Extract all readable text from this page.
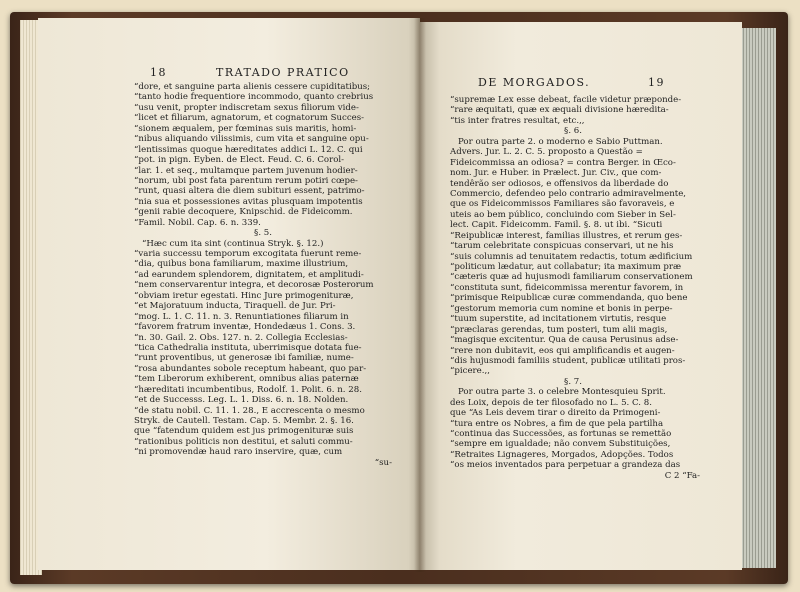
18	TRATADO PRATICO
“dore, et sanguine parta alienis cessere cupiditatibus;
“tanto hodie frequentiore incommodo, quanto crebrius
“usu venit, propter indiscretam sexus filiorum vide-
“licet et filiarum, agnatorum, et cognatorum Succes-
“sionem æqualem, per fœminas suis maritis, homi-
“nibus aliquando vilissimis, cum vita et sanguine opu-
“lentissimas quoque hæreditates addici L. 12. C. qui
“pot. in pign. Eyben. de Elect. Feud. C. 6. Corol-
“lar. 1. et seq., multamque partem juvenum hodier-
“norum, ubi post fata parentum rerum potiri cœpe-
“runt, quasi altera die diem subituri essent, patrimo-
“nia sua et possessiones avitas plusquam impotentis
“genii rabie decoquere, Knipschid. de Fideicomm.
“Famil. Nobil. Cap. 6. n. 339.
§. 5.
“Hæc cum ita sint (continua Stryk. §. 12.)
“varia successu temporum excogitata fuerunt reme-
“dia, quibus bona familiarum, maxime illustrium,
“ad earundem splendorem, dignitatem, et amplitudi-
“nem conservarentur integra, et decorosæ Posterorum
“obviam iretur egestati. Hinc Jure primogenituræ,
“et Majoratuum inducta, Tiraquell. de Jur. Pri-
“mog. L. 1. C. 11. n. 3. Renuntiationes filiarum in
“favorem fratrum inventæ, Hondedæus 1. Cons. 3.
“n. 30. Gail. 2. Obs. 127. n. 2. Collegia Ecclesias-
“tica Cathedralia instituta, uberrimisque dotata fue-
“runt proventibus, ut generosæ ibi familiæ, nume-
“rosa abundantes sobole receptum habeant, quo par-
“tem Liberorum exhiberent, omnibus alias paternæ
“hæreditati incumbentibus, Rodolf. 1. Polit. 6. n. 28.
“et de Successs. Leg. L. 1. Diss. 6. n. 18. Nolden.
“de statu nobil. C. 11. 1. 28., E accrescenta o mesmo
Stryk. de Cautell. Testam. Cap. 5. Membr. 2. §. 16.
que “fatendum quidem est jus primogenituræ suis
“rationibus politicis non destitui, et saluti commu-
“ni promovendæ haud raro inservire, quæ, cum
“su-
DE MORGADOS.	19
“supremæ Lex esse debeat, facile videtur præponde-
“rare æquitati, quæ ex æquali divisione hæredita-
“tis inter fratres resultat, etc.,,
§. 6.
Por outra parte 2. o moderno e Sabio Puttman.
Advers. Jur. L. 2. C. 5. proposto a Questão =
Fideicommissa an odiosa? = contra Berger. in Œco-
nom. Jur. e Huber. in Prælect. Jur. Civ., que com-
tendêrão ser odiosos, e offensivos da liberdade do
Commercio, defendeo pelo contrario admiravelmente,
que os Fideicommissos Familiares são favoraveis, e
uteis ao bem público, concluindo com Sieber in Sel-
lect. Capit. Fideicomm. Famil. §. 8. ut ibi. “Sicuti
“Reipublicæ interest, familias illustres, et rerum ges-
“tarum celebritate conspicuas conservari, ut ne his
“suis columnis ad tenuitatem redactis, totum ædificium
“politicum lædatur, aut collabatur; ita maximum præ
“cæteris quæ ad hujusmodi familiarum conservationem
“constituta sunt, fideicommissa merentur favorem, in
“primisque Reipublicæ curæ commendanda, quo bene
“gestorum memoria cum nomine et bonis in perpe-
“tuum superstite, ad incitationem virtutis, resque
“præclaras gerendas, tum posteri, tum alii magis,
“magisque excitentur. Qua de causa Perusinus adse-
“rere non dubitavit, eos qui amplificandis et augen-
“dis hujusmodi familiis student, publicæ utilitati pros-
“picere.,,
§. 7.
Por outra parte 3. o celebre Montesquieu Sprit.
des Loix, depois de ter filosofado no L. 5. C. 8.
que “As Leis devem tirar o direito da Primogeni-
“tura entre os Nobres, a fim de que pela partilha
“continua das Successões, as fortunas se remettão
“sempre em igualdade; não convem Substituições,
“Retraites Lignageres, Morgados, Adopções. Todos
“os meios inventados para perpetuar a grandeza das
C 2 “Fa-
